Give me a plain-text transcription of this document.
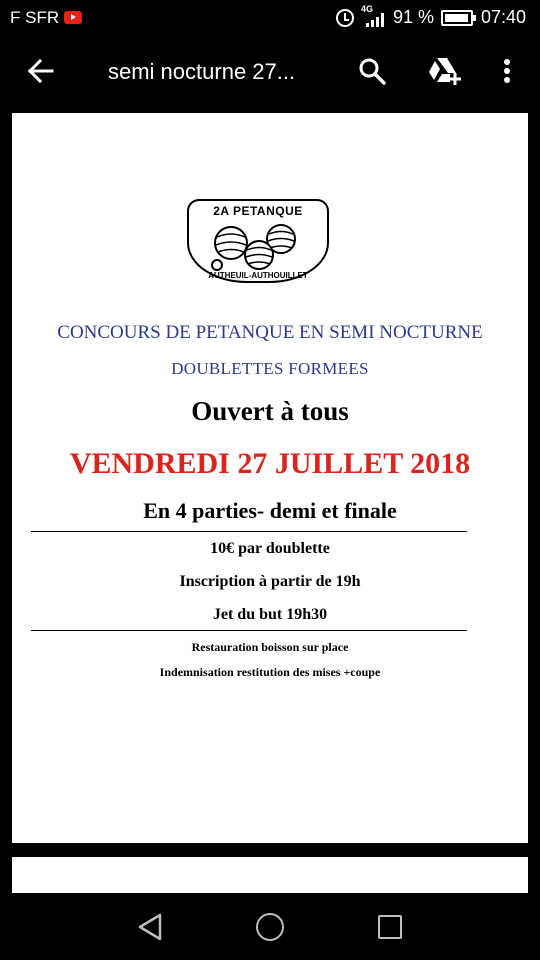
F SFR	4G 91 %	07:40
semi nocturne 27...
2A PETANQUE
AUTHEUIL-AUTHOUILLET
CONCOURS DE PETANQUE EN SEMI NOCTURNE
DOUBLETTES FORMEES
Ouvert à tous
VENDREDI 27 JUILLET 2018
En 4 parties- demi et finale
10€ par doublette
Inscription à partir de 19h
Jet du but 19h30
Restauration boisson sur place
Indemnisation restitution des mises +coupe
